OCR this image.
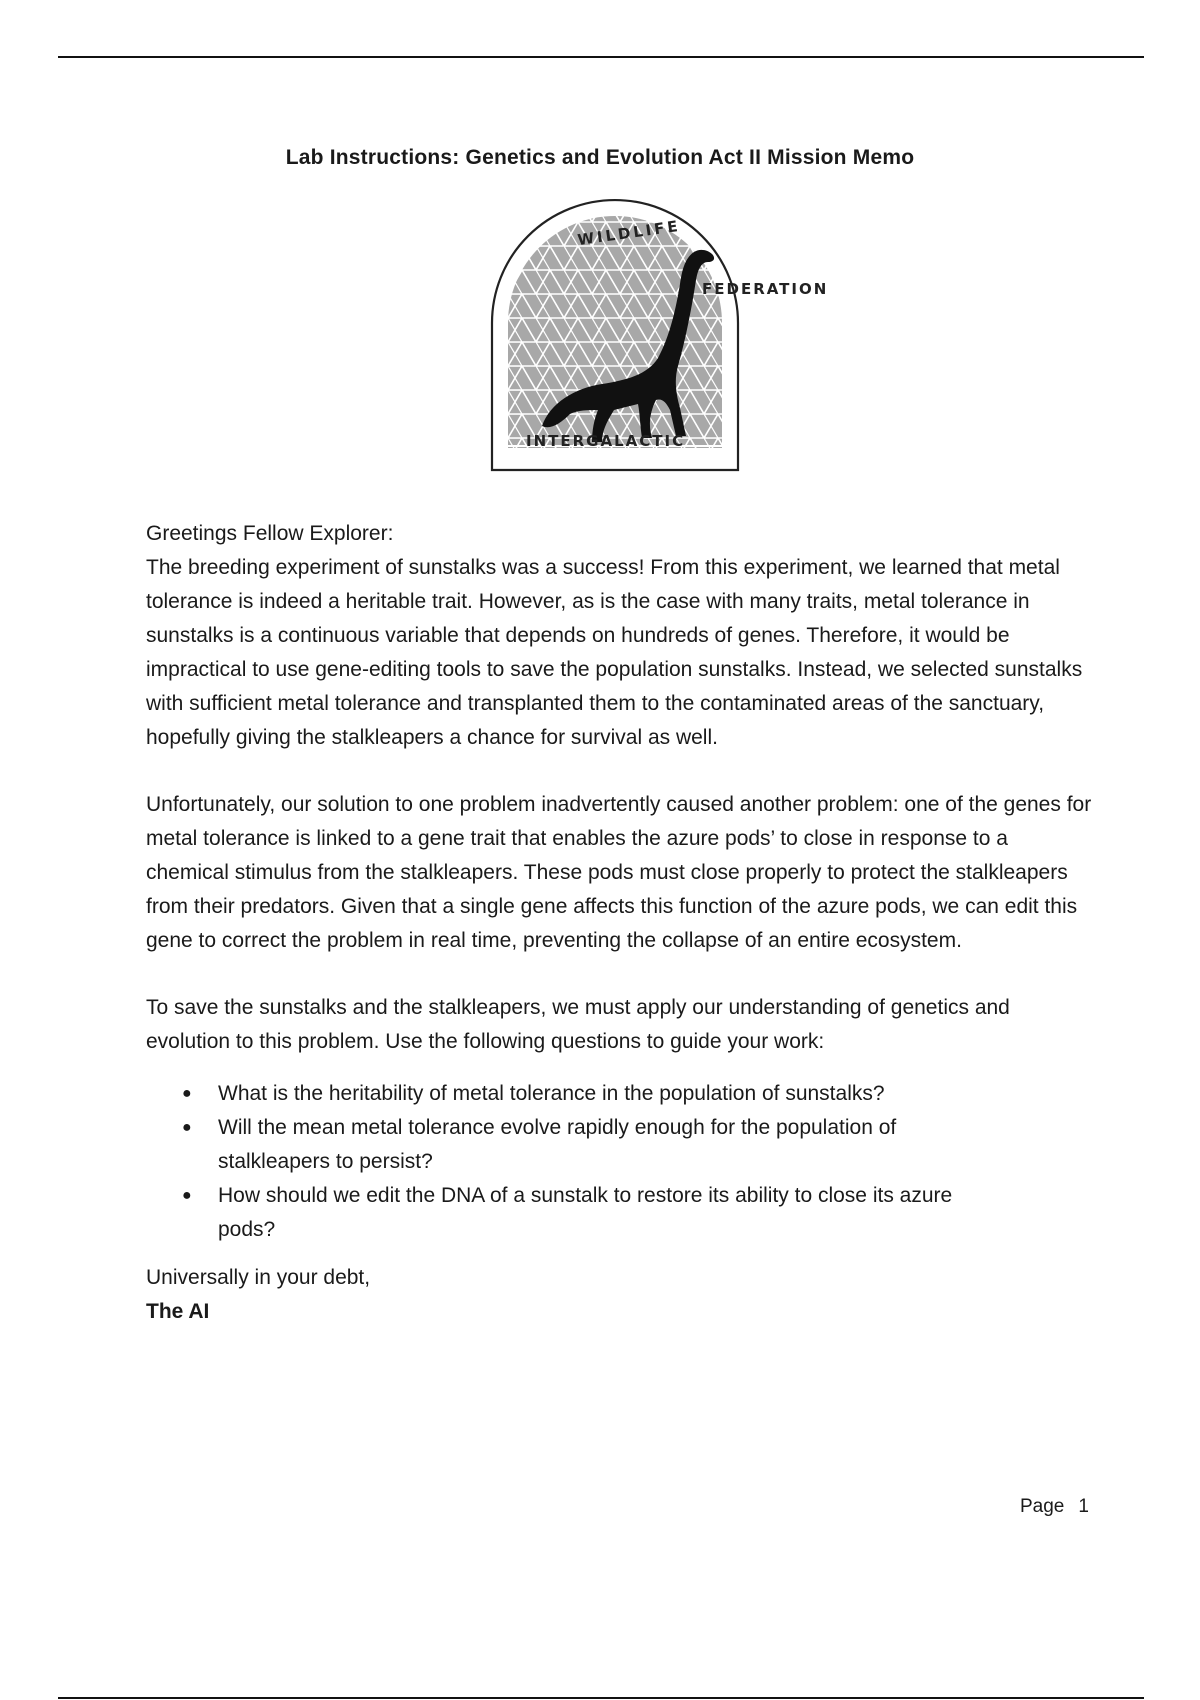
Lab Instructions: Genetics and Evolution Act II Mission Memo
INTERGALACTIC
WILDLIFE
FEDERATION

Greetings Fellow Explorer:

The breeding experiment of sunstalks was a success! From this experiment, we learned that metal tolerance is indeed a heritable trait. However, as is the case with many traits, metal tolerance in sunstalks is a continuous variable that depends on hundreds of genes. Therefore, it would be impractical to use gene-editing tools to save the population sunstalks. Instead, we selected sunstalks with sufficient metal tolerance and transplanted them to the contaminated areas of the sanctuary, hopefully giving the stalkleapers a chance for survival as well.

Unfortunately, our solution to one problem inadvertently caused another problem: one of the genes for metal tolerance is linked to a gene trait that enables the azure pods’ to close in response to a chemical stimulus from the stalkleapers. These pods must close properly to protect the stalkleapers from their predators. Given that a single gene affects this function of the azure pods, we can edit this gene to correct the problem in real time, preventing the collapse of an entire ecosystem.

To save the sunstalks and the stalkleapers, we must apply our understanding of genetics and evolution to this problem. Use the following questions to guide your work:

● What is the heritability of metal tolerance in the population of sunstalks?
● Will the mean metal tolerance evolve rapidly enough for the population of stalkleapers to persist?
● How should we edit the DNA of a sunstalk to restore its ability to close its azure pods?

Universally in your debt,

The AI

Page 1
